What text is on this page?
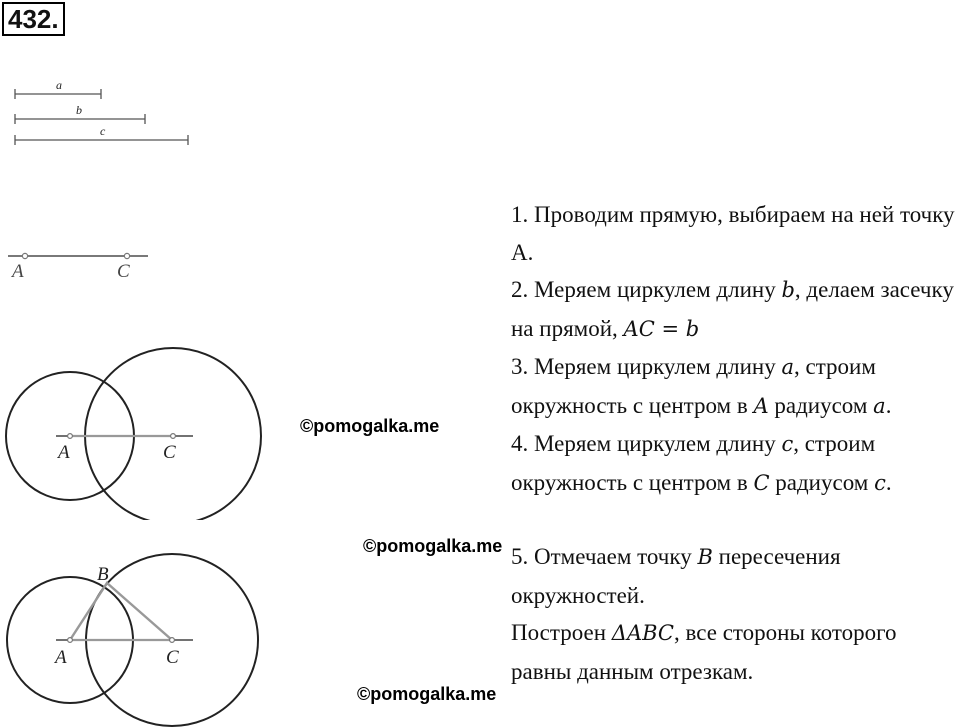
432.
a
b
c
A	C
A	C
B
A	C
©pomogalka.me
©pomogalka.me
©pomogalka.me

1. Проводим прямую, выбираем на ней точку A.

2. Меряем циркулем длину b, делаем засечку на прямой, AC = b

3. Меряем циркулем длину a, строим окружность с центром в A радиусом a.

4. Меряем циркулем длину c, строим окружность с центром в C радиусом c.

5. Отмечаем точку B пересечения окружностей.

Построен ΔABC, все стороны которого равны данным отрезкам.
